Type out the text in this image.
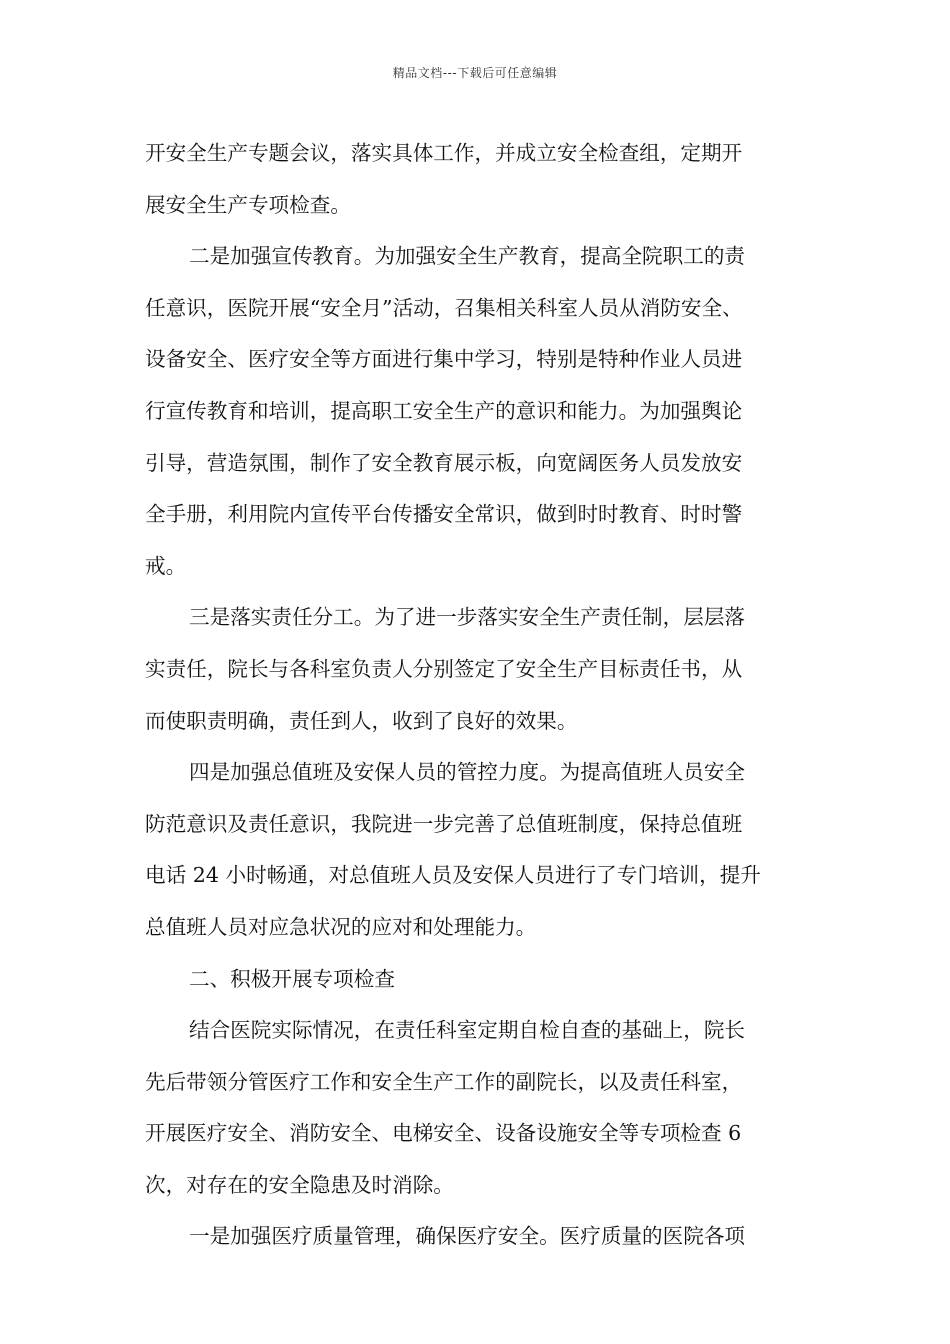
精品文档---下载后可任意编辑
开安全生产专题会议，落实具体工作，并成立安全检查组，定期开
展安全生产专项检查。
二是加强宣传教育。为加强安全生产教育，提高全院职工的责
任意识，医院开展“安全月”活动，召集相关科室人员从消防安全、
设备安全、医疗安全等方面进行集中学习，特别是特种作业人员进
行宣传教育和培训，提高职工安全生产的意识和能力。为加强舆论
引导，营造氛围，制作了安全教育展示板，向宽阔医务人员发放安
全手册，利用院内宣传平台传播安全常识，做到时时教育、时时警
戒。
三是落实责任分工。为了进一步落实安全生产责任制，层层落
实责任，院长与各科室负责人分别签定了安全生产目标责任书，从
而使职责明确，责任到人，收到了良好的效果。
四是加强总值班及安保人员的管控力度。为提高值班人员安全
防范意识及责任意识，我院进一步完善了总值班制度，保持总值班
电话 24 小时畅通，对总值班人员及安保人员进行了专门培训，提升
总值班人员对应急状况的应对和处理能力。
二、积极开展专项检查
结合医院实际情况，在责任科室定期自检自查的基础上，院长
先后带领分管医疗工作和安全生产工作的副院长，以及责任科室，
开展医疗安全、消防安全、电梯安全、设备设施安全等专项检查 6
次，对存在的安全隐患及时消除。
一是加强医疗质量管理，确保医疗安全。医疗质量的医院各项
